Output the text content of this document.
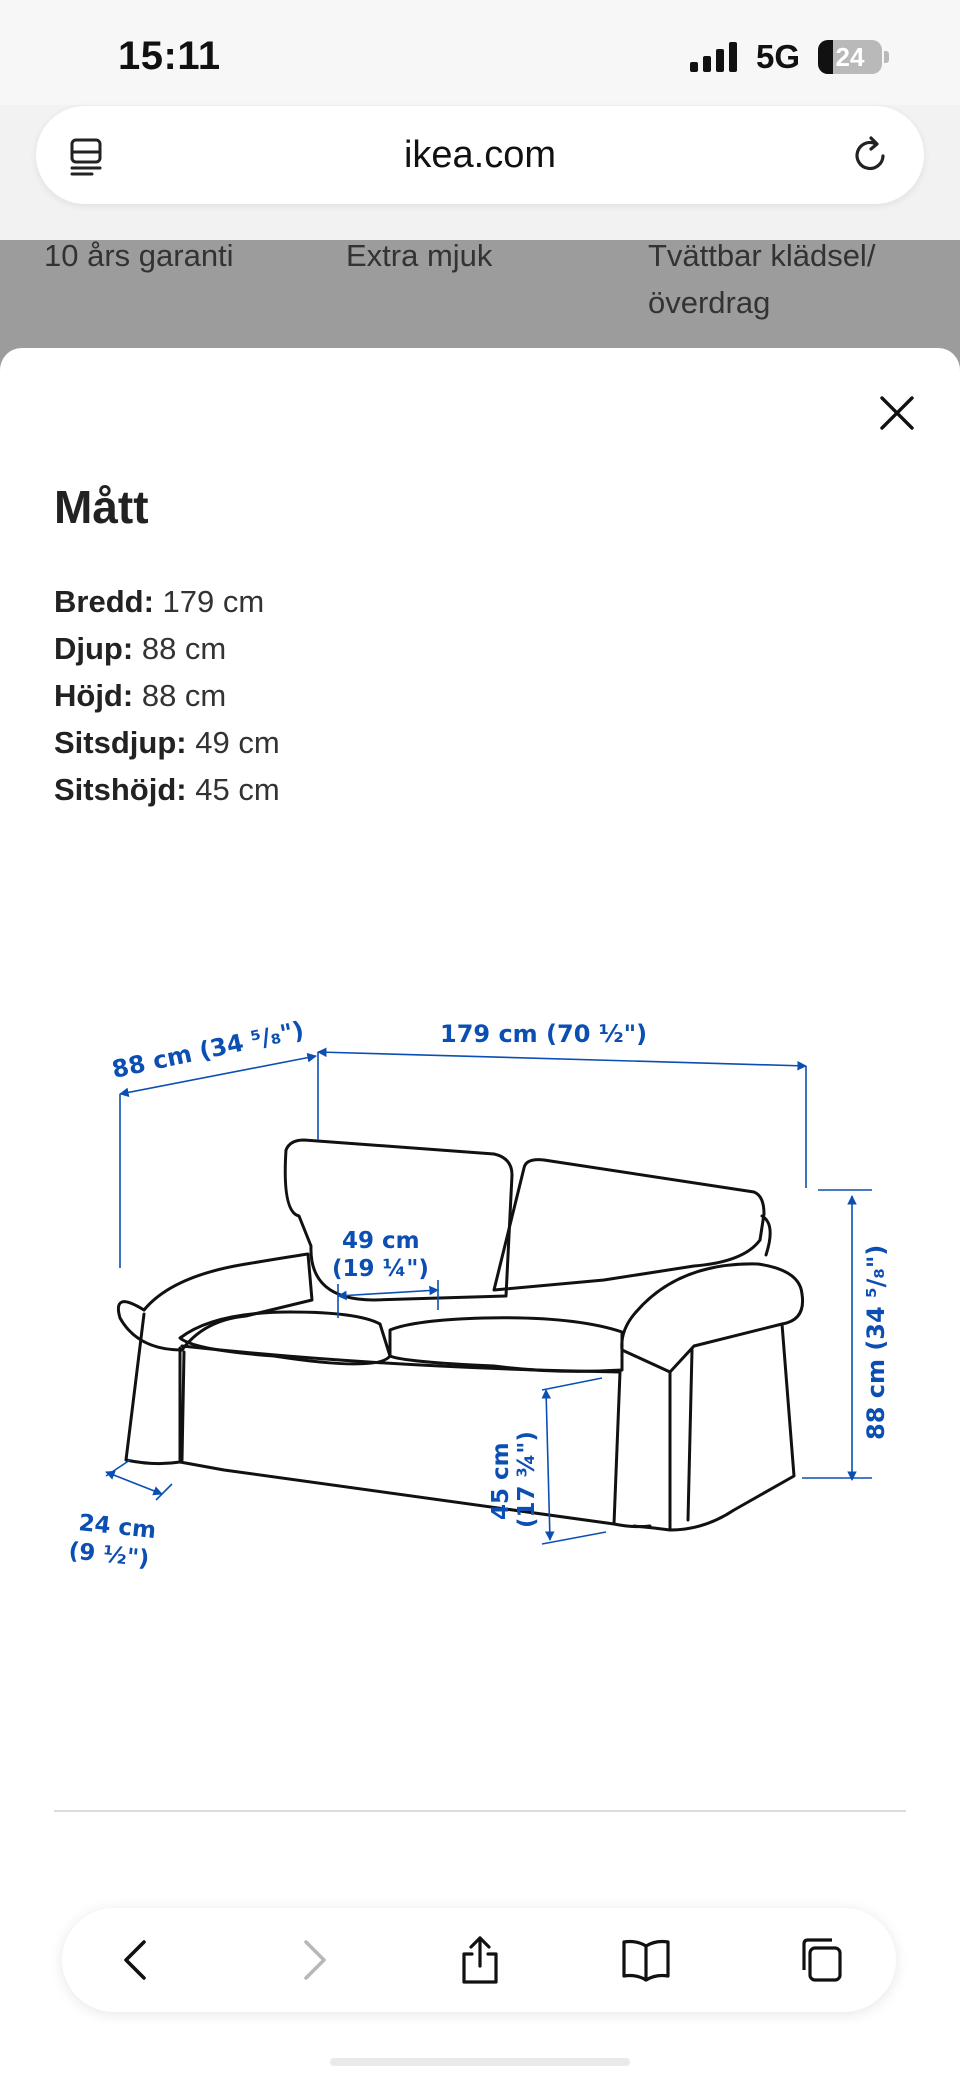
15:11	5G	24
ikea.com
10 års garanti	Extra mjuk	Tvättbar klädsel/ överdrag
Mått
Bredd: 179 cm
Djup: 88 cm
Höjd: 88 cm
Sitsdjup: 49 cm
Sitshöjd: 45 cm
88 cm (34 ⁵/₈")	179 cm (70 ½")
88 cm (34 ⁵/₈")
49 cm
(19 ¼")
45 cm (17 ¾")
24 cm
(9 ½")
